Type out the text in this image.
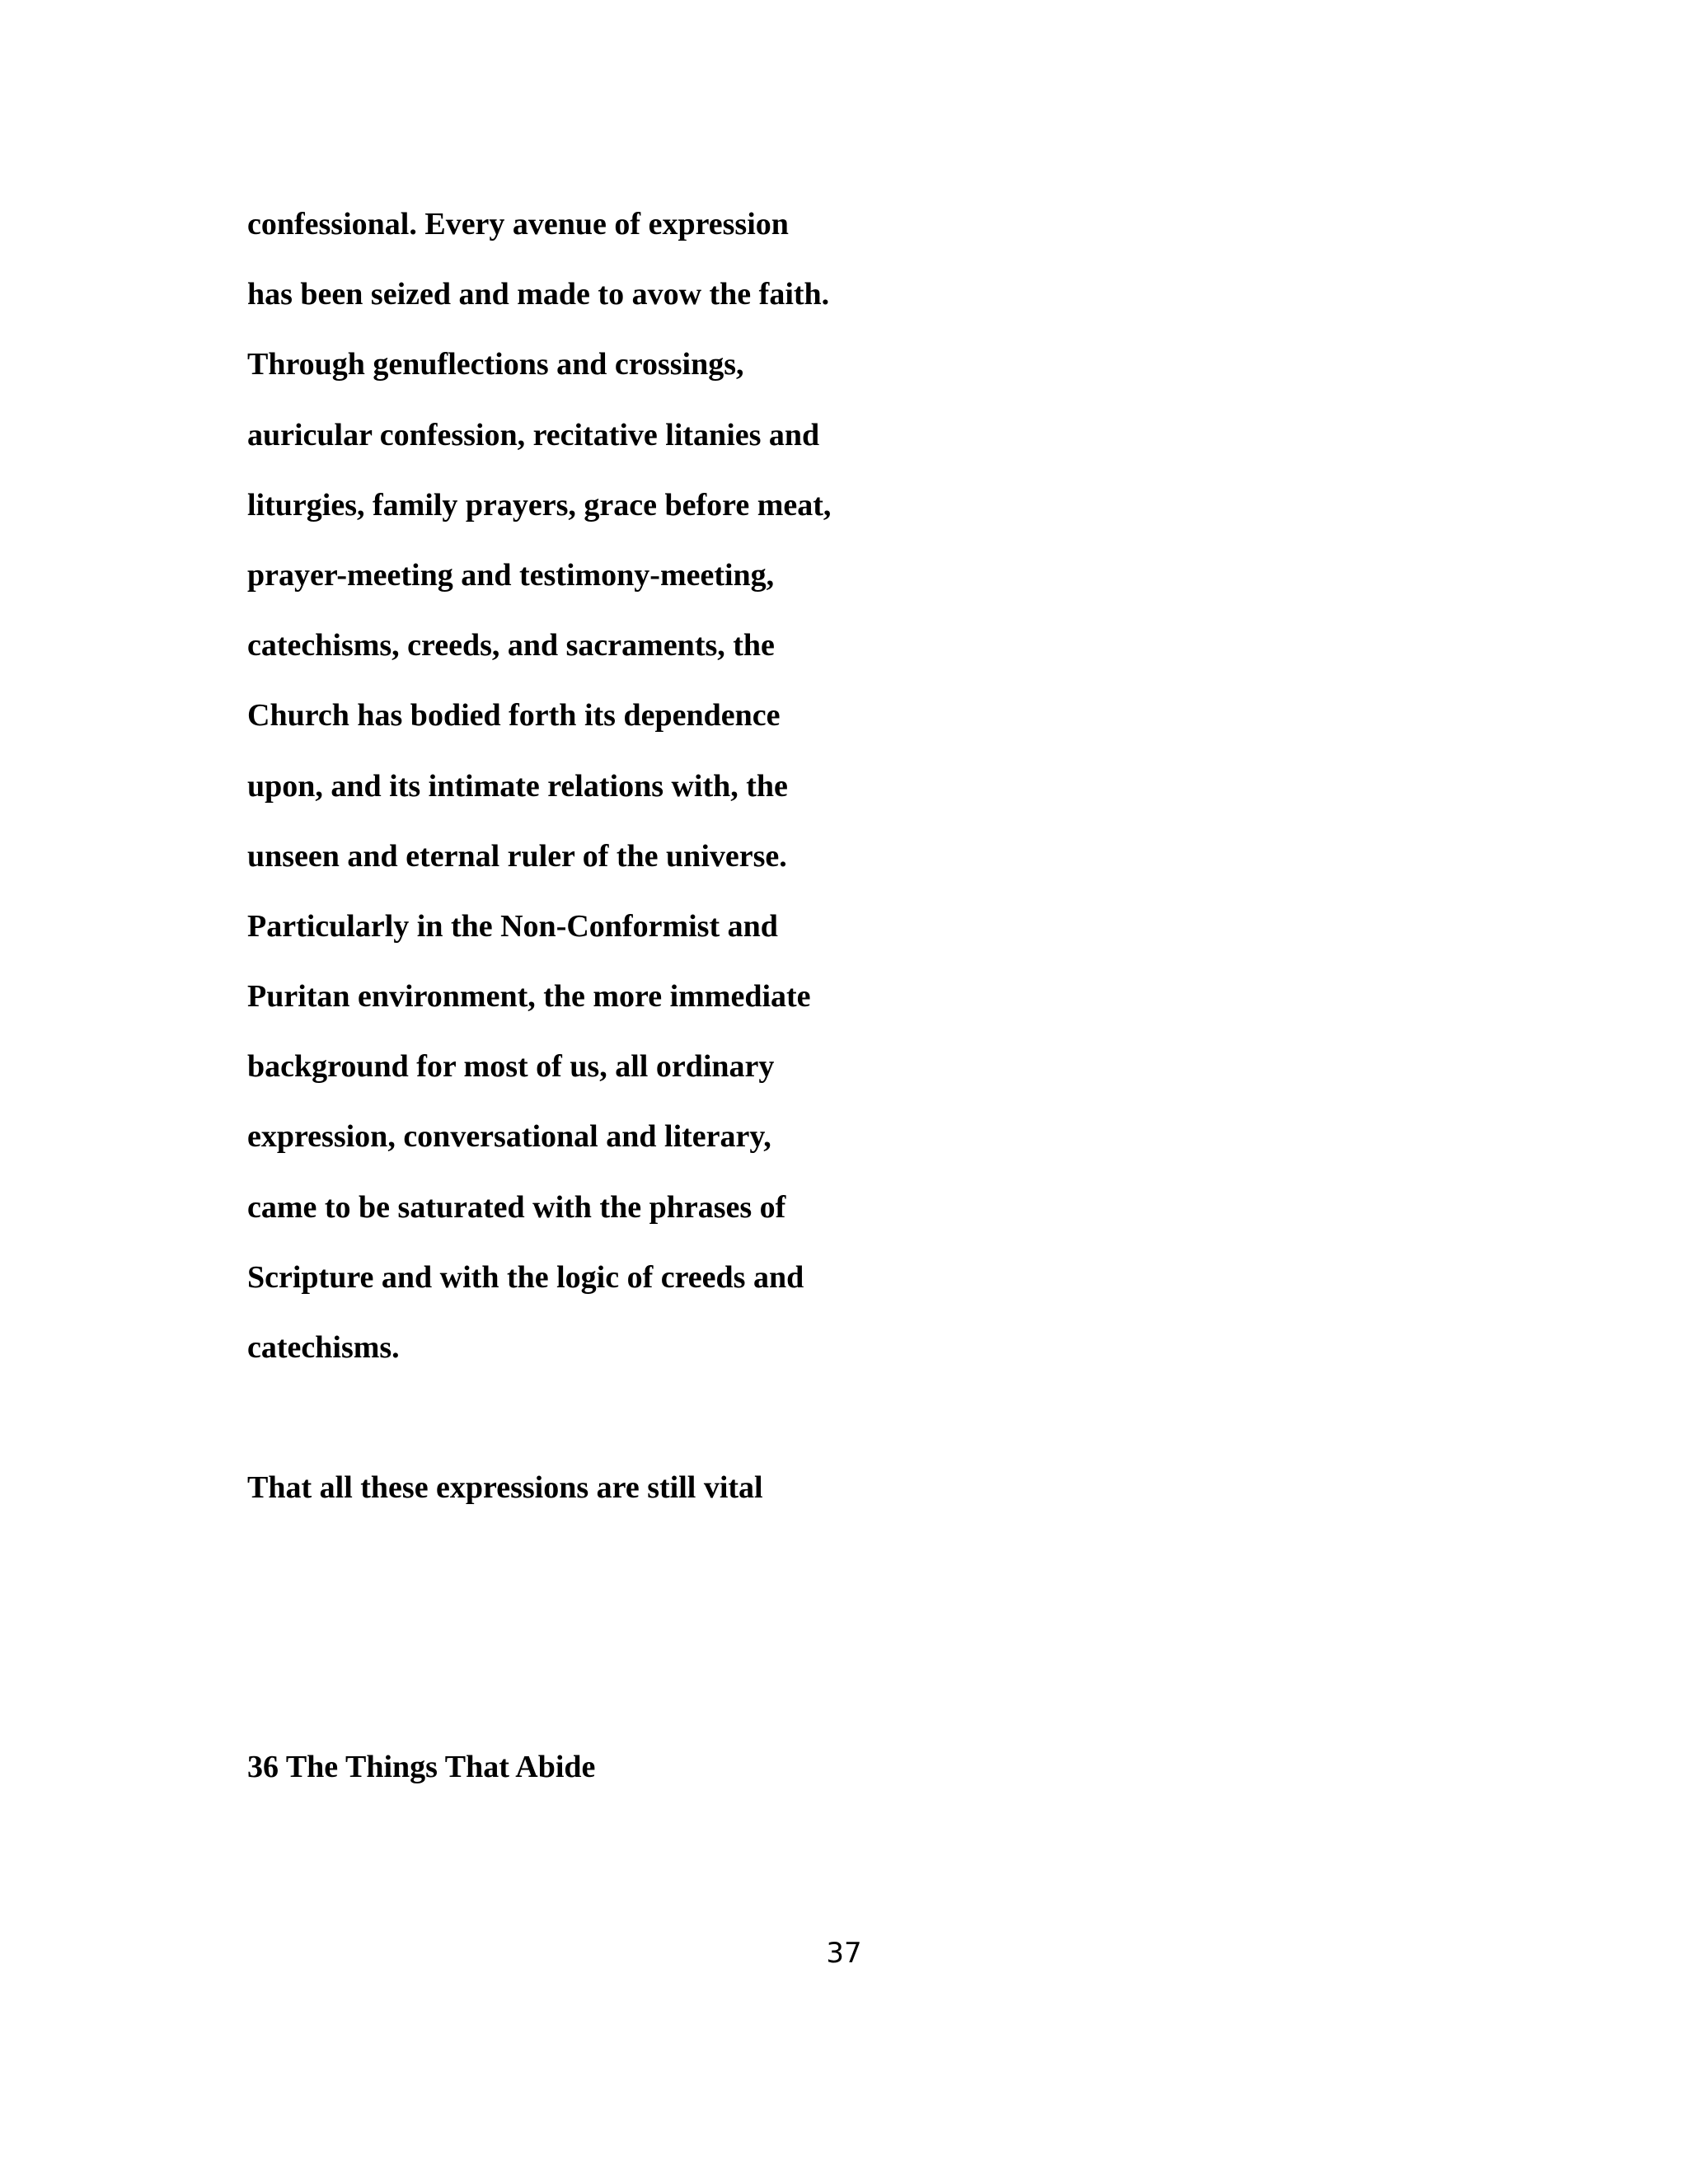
confessional. Every avenue of expression
has been seized and made to avow the faith.
Through genuflections and crossings,
auricular confession, recitative litanies and
liturgies, family prayers, grace before meat,
prayer-meeting and testimony-meeting,
catechisms, creeds, and sacraments, the
Church has bodied forth its dependence
upon, and its intimate relations with, the
unseen and eternal ruler of the universe.
Particularly in the Non-Conformist and
Puritan environment, the more immediate
background for most of us, all ordinary
expression, conversational and literary,
came to be saturated with the phrases of
Scripture and with the logic of creeds and
catechisms.
That all these expressions are still vital
36 The Things That Abide
37
